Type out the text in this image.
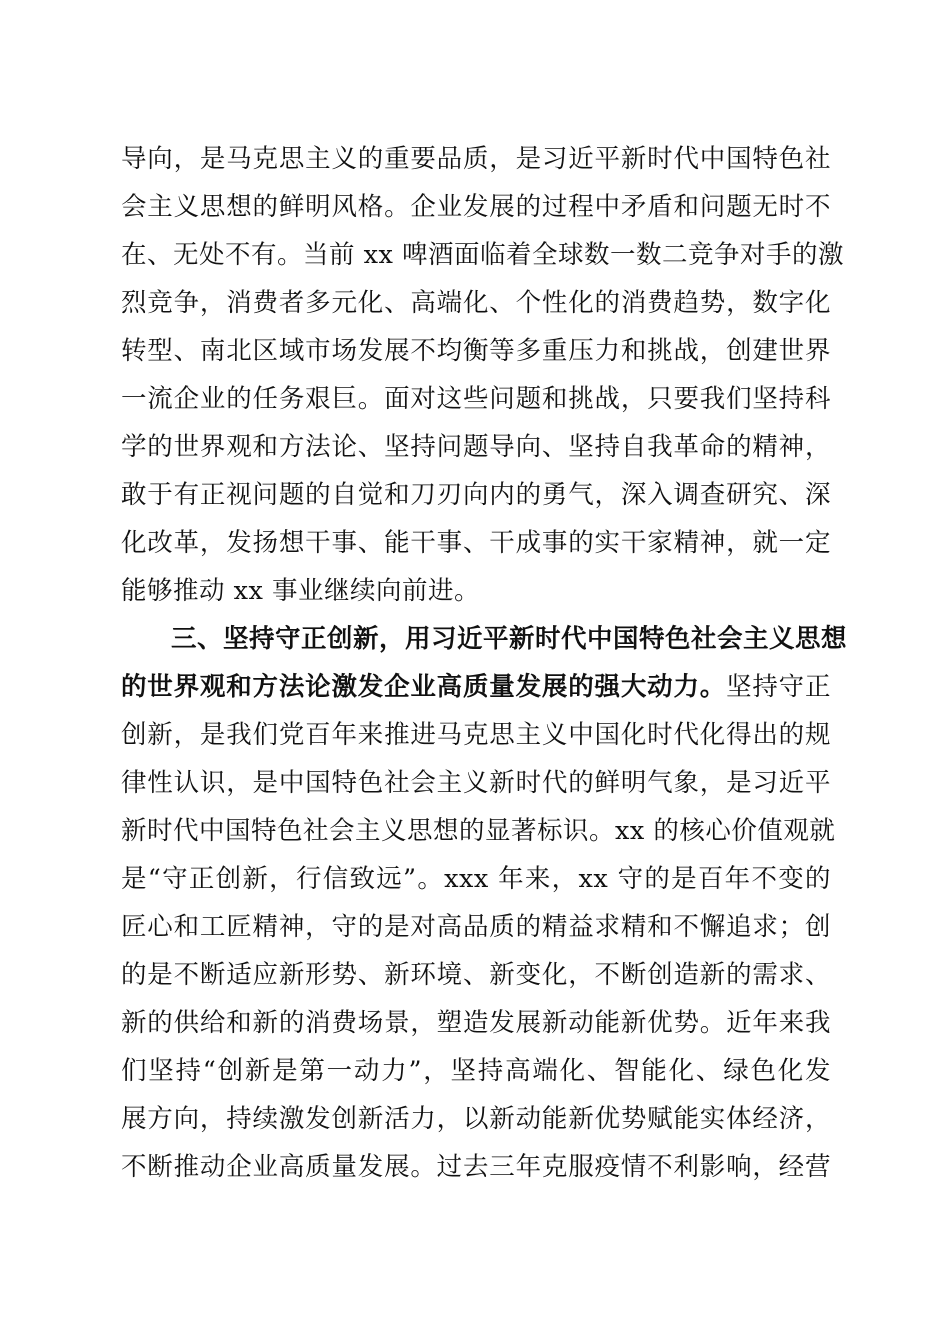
导向，是马克思主义的重要品质，是习近平新时代中国特色社
会主义思想的鲜明风格。企业发展的过程中矛盾和问题无时不
在、无处不有。当前 xx 啤酒面临着全球数一数二竞争对手的激
烈竞争，消费者多元化、高端化、个性化的消费趋势，数字化
转型、南北区域市场发展不均衡等多重压力和挑战，创建世界
一流企业的任务艰巨。面对这些问题和挑战，只要我们坚持科
学的世界观和方法论、坚持问题导向、坚持自我革命的精神，
敢于有正视问题的自觉和刀刃向内的勇气，深入调查研究、深
化改革，发扬想干事、能干事、干成事的实干家精神，就一定
能够推动 xx 事业继续向前进。
三、坚持守正创新，用习近平新时代中国特色社会主义思想
的世界观和方法论激发企业高质量发展的强大动力。坚持守正
创新，是我们党百年来推进马克思主义中国化时代化得出的规
律性认识，是中国特色社会主义新时代的鲜明气象，是习近平
新时代中国特色社会主义思想的显著标识。xx 的核心价值观就
是“守正创新，行信致远”。xxx 年来，xx 守的是百年不变的
匠心和工匠精神，守的是对高品质的精益求精和不懈追求；创
的是不断适应新形势、新环境、新变化，不断创造新的需求、
新的供给和新的消费场景，塑造发展新动能新优势。近年来我
们坚持“创新是第一动力”，坚持高端化、智能化、绿色化发
展方向，持续激发创新活力，以新动能新优势赋能实体经济，
不断推动企业高质量发展。过去三年克服疫情不利影响，经营
